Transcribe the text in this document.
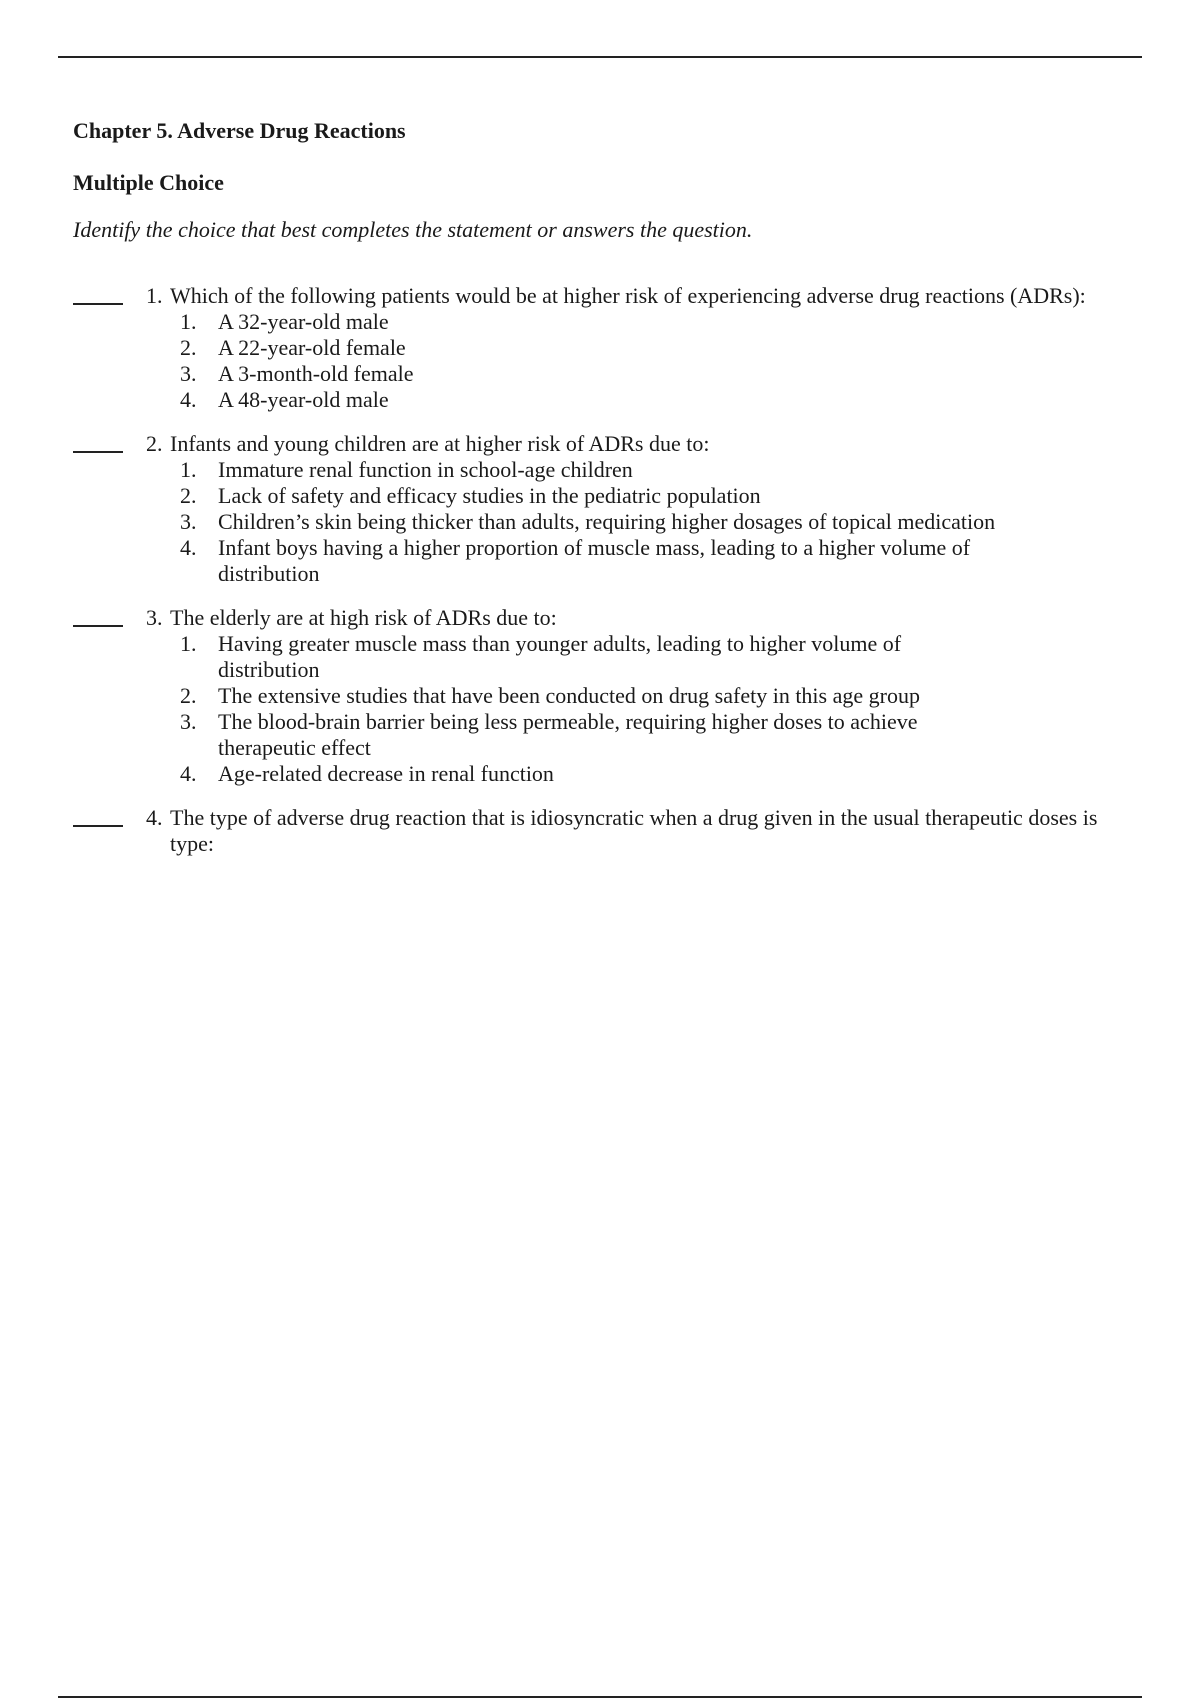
Chapter 5. Adverse Drug Reactions
Multiple Choice
Identify the choice that best completes the statement or answers the question.
1. Which of the following patients would be at higher risk of experiencing adverse drug reactions (ADRs):
1. A 32-year-old male
2. A 22-year-old female
3. A 3-month-old female
4. A 48-year-old male
2. Infants and young children are at higher risk of ADRs due to:
1. Immature renal function in school-age children
2. Lack of safety and efficacy studies in the pediatric population
3. Children’s skin being thicker than adults, requiring higher dosages of topical medication
4. Infant boys having a higher proportion of muscle mass, leading to a higher volume of distribution
3. The elderly are at high risk of ADRs due to:
1. Having greater muscle mass than younger adults, leading to higher volume of distribution
2. The extensive studies that have been conducted on drug safety in this age group
3. The blood-brain barrier being less permeable, requiring higher doses to achieve therapeutic effect
4. Age-related decrease in renal function
4. The type of adverse drug reaction that is idiosyncratic when a drug given in the usual therapeutic doses is type:
